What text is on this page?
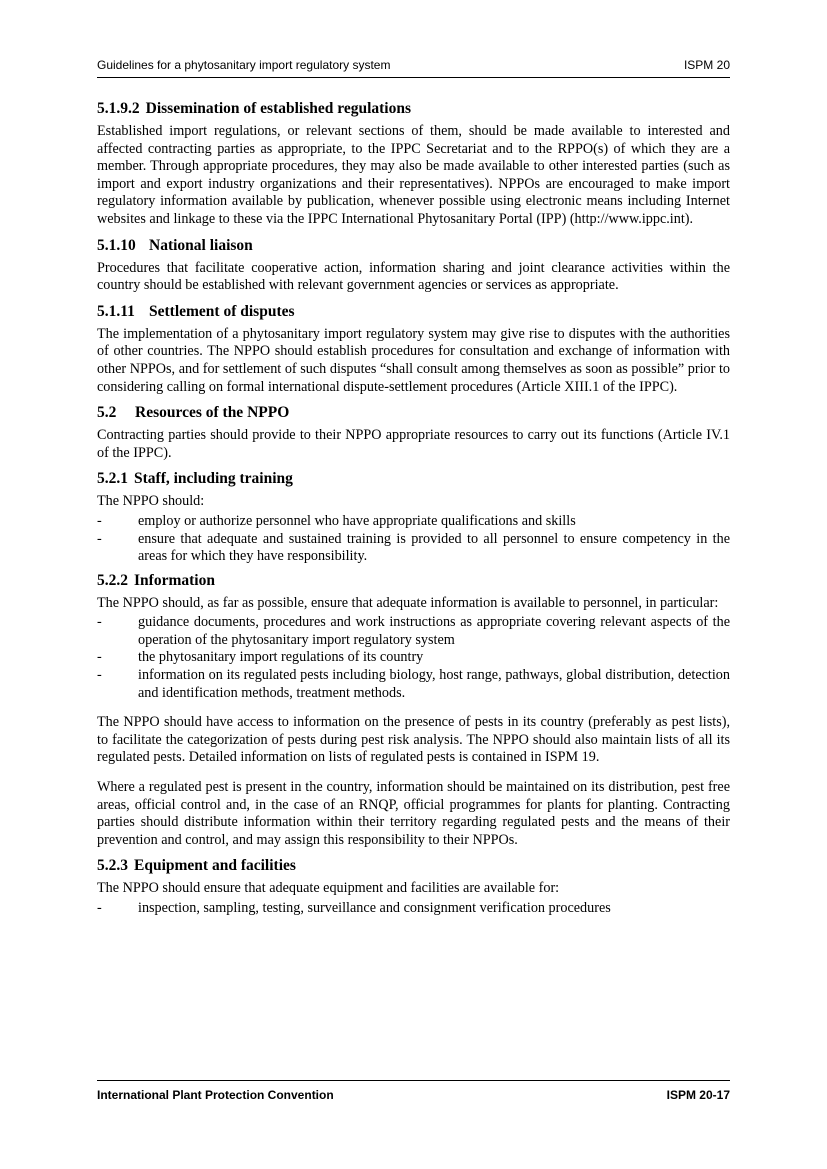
Guidelines for a phytosanitary import regulatory system	ISPM 20
5.1.9.2 Dissemination of established regulations

Established import regulations, or relevant sections of them, should be made available to interested and affected contracting parties as appropriate, to the IPPC Secretariat and to the RPPO(s) of which they are a member. Through appropriate procedures, they may also be made available to other interested parties (such as import and export industry organizations and their representatives). NPPOs are encouraged to make import regulatory information available by publication, whenever possible using electronic means including Internet websites and linkage to these via the IPPC International Phytosanitary Portal (IPP) (http://www.ippc.int).

5.1.10 National liaison

Procedures that facilitate cooperative action, information sharing and joint clearance activities within the country should be established with relevant government agencies or services as appropriate.

5.1.11 Settlement of disputes

The implementation of a phytosanitary import regulatory system may give rise to disputes with the authorities of other countries. The NPPO should establish procedures for consultation and exchange of information with other NPPOs, and for settlement of such disputes “shall consult among themselves as soon as possible” prior to considering calling on formal international dispute-settlement procedures (Article XIII.1 of the IPPC).

5.2	Resources of the NPPO

Contracting parties should provide to their NPPO appropriate resources to carry out its functions (Article IV.1 of the IPPC).

5.2.1 Staff, including training

The NPPO should:

-	employ or authorize personnel who have appropriate qualifications and skills
-	ensure that adequate and sustained training is provided to all personnel to ensure competency in the areas for which they have responsibility.
5.2.2 Information

The NPPO should, as far as possible, ensure that adequate information is available to personnel, in particular:

-	guidance documents, procedures and work instructions as appropriate covering relevant aspects of the operation of the phytosanitary import regulatory system
-	the phytosanitary import regulations of its country
-	information on its regulated pests including biology, host range, pathways, global distribution, detection and identification methods, treatment methods.

The NPPO should have access to information on the presence of pests in its country (preferably as pest lists), to facilitate the categorization of pests during pest risk analysis. The NPPO should also maintain lists of all its regulated pests. Detailed information on lists of regulated pests is contained in ISPM 19.

Where a regulated pest is present in the country, information should be maintained on its distribution, pest free areas, official control and, in the case of an RNQP, official programmes for plants for planting. Contracting parties should distribute information within their territory regarding regulated pests and the means of their prevention and control, and may assign this responsibility to their NPPOs.

5.2.3 Equipment and facilities

The NPPO should ensure that adequate equipment and facilities are available for:

-	inspection, sampling, testing, surveillance and consignment verification procedures
International Plant Protection Convention	ISPM 20-17
